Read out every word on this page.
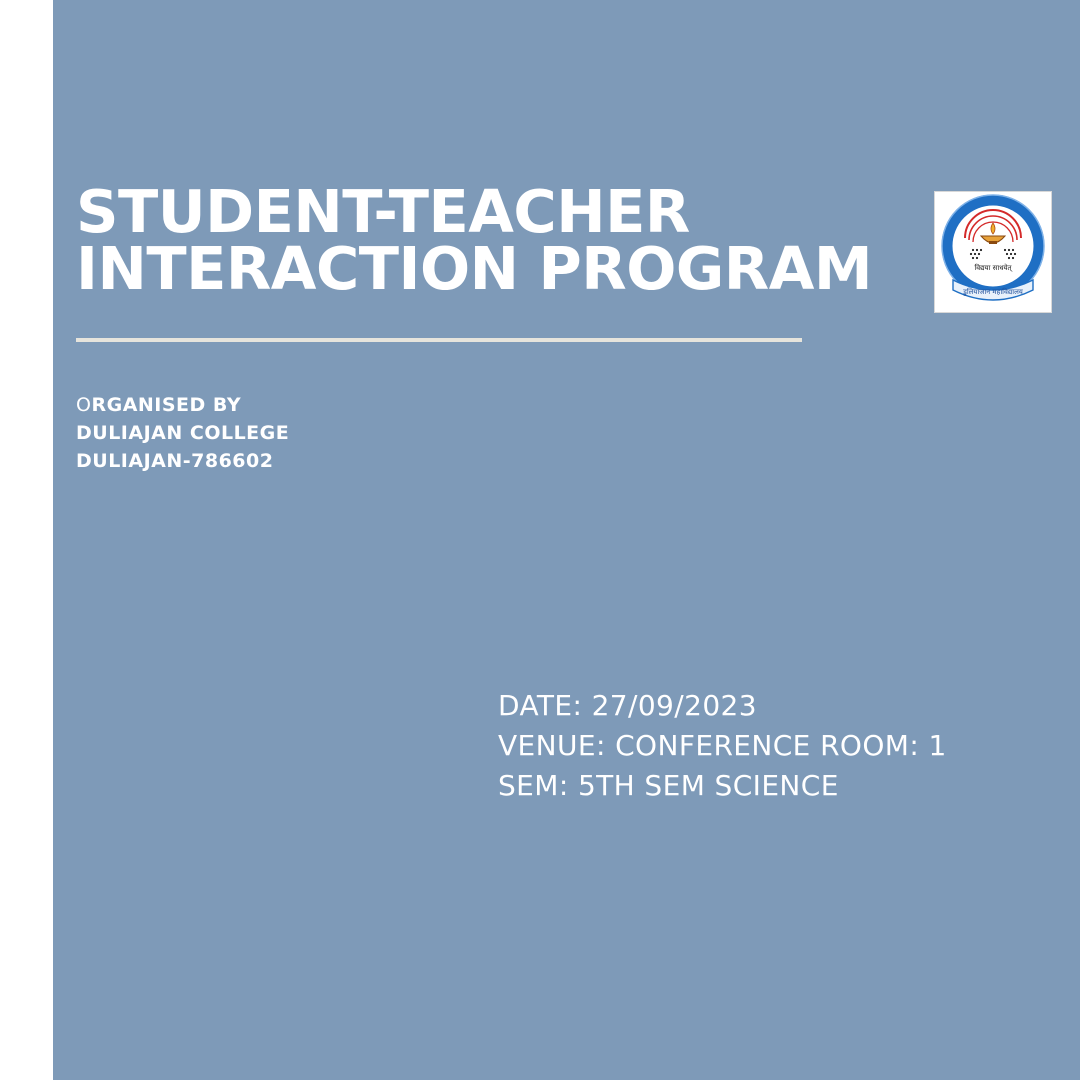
STUDENT-TEACHER
INTERACTION PROGRAM
ORGANISED BY
DULIAJAN COLLEGE
DULIAJAN-786602
DATE: 27/09/2023
VENUE: CONFERENCE ROOM: 1
SEM: 5TH SEM SCIENCE
विद्यया साधयेत्
डुलियाजान महाविद्यालय
